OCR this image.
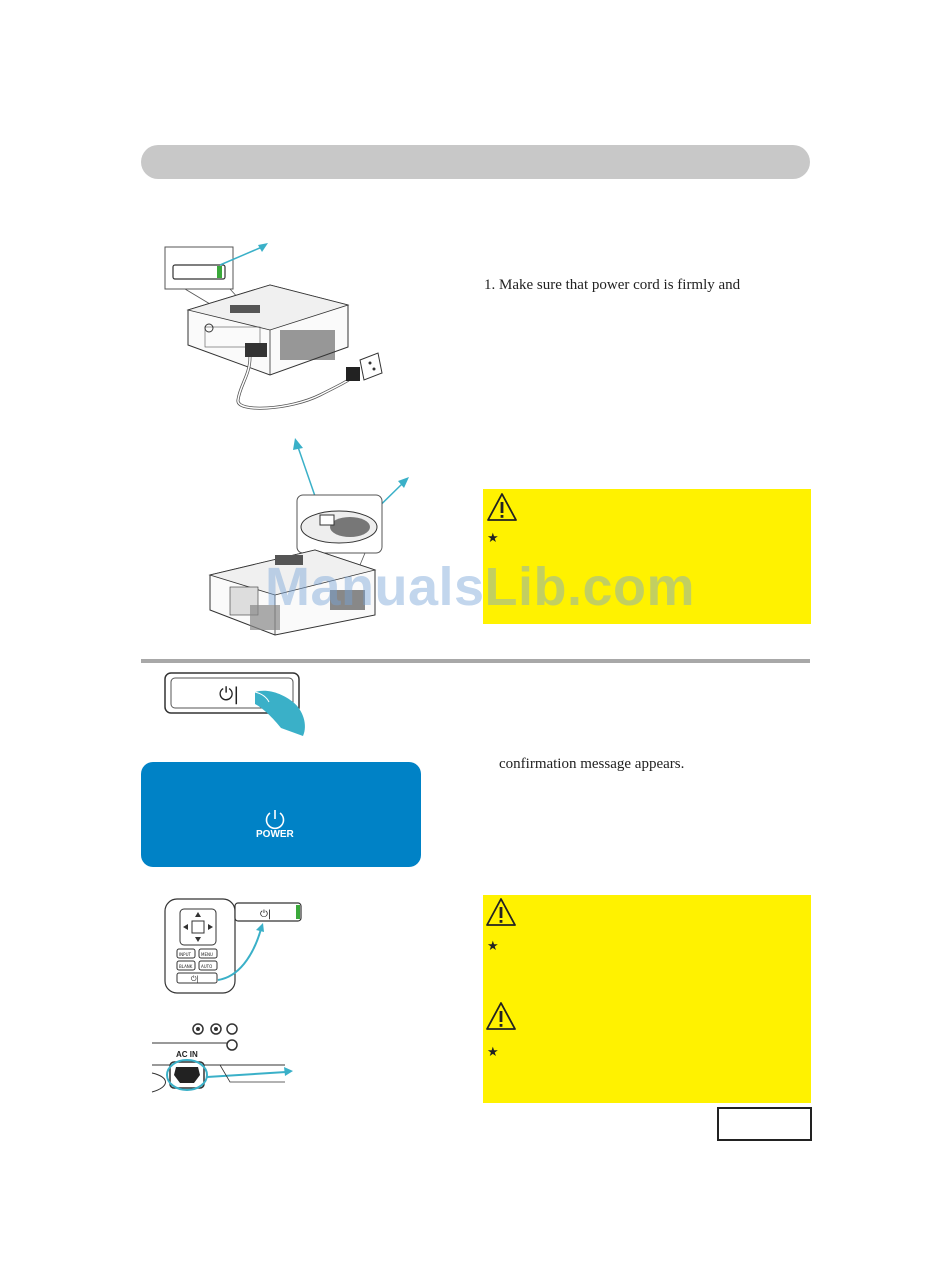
1. Make sure that power cord is firmly and
★
ManualsLib.com
⏻|
POWER
confirmation message appears.
INPUT	MENU
BLANK AUTO
⏻|
⏻|
AC IN
★
★
